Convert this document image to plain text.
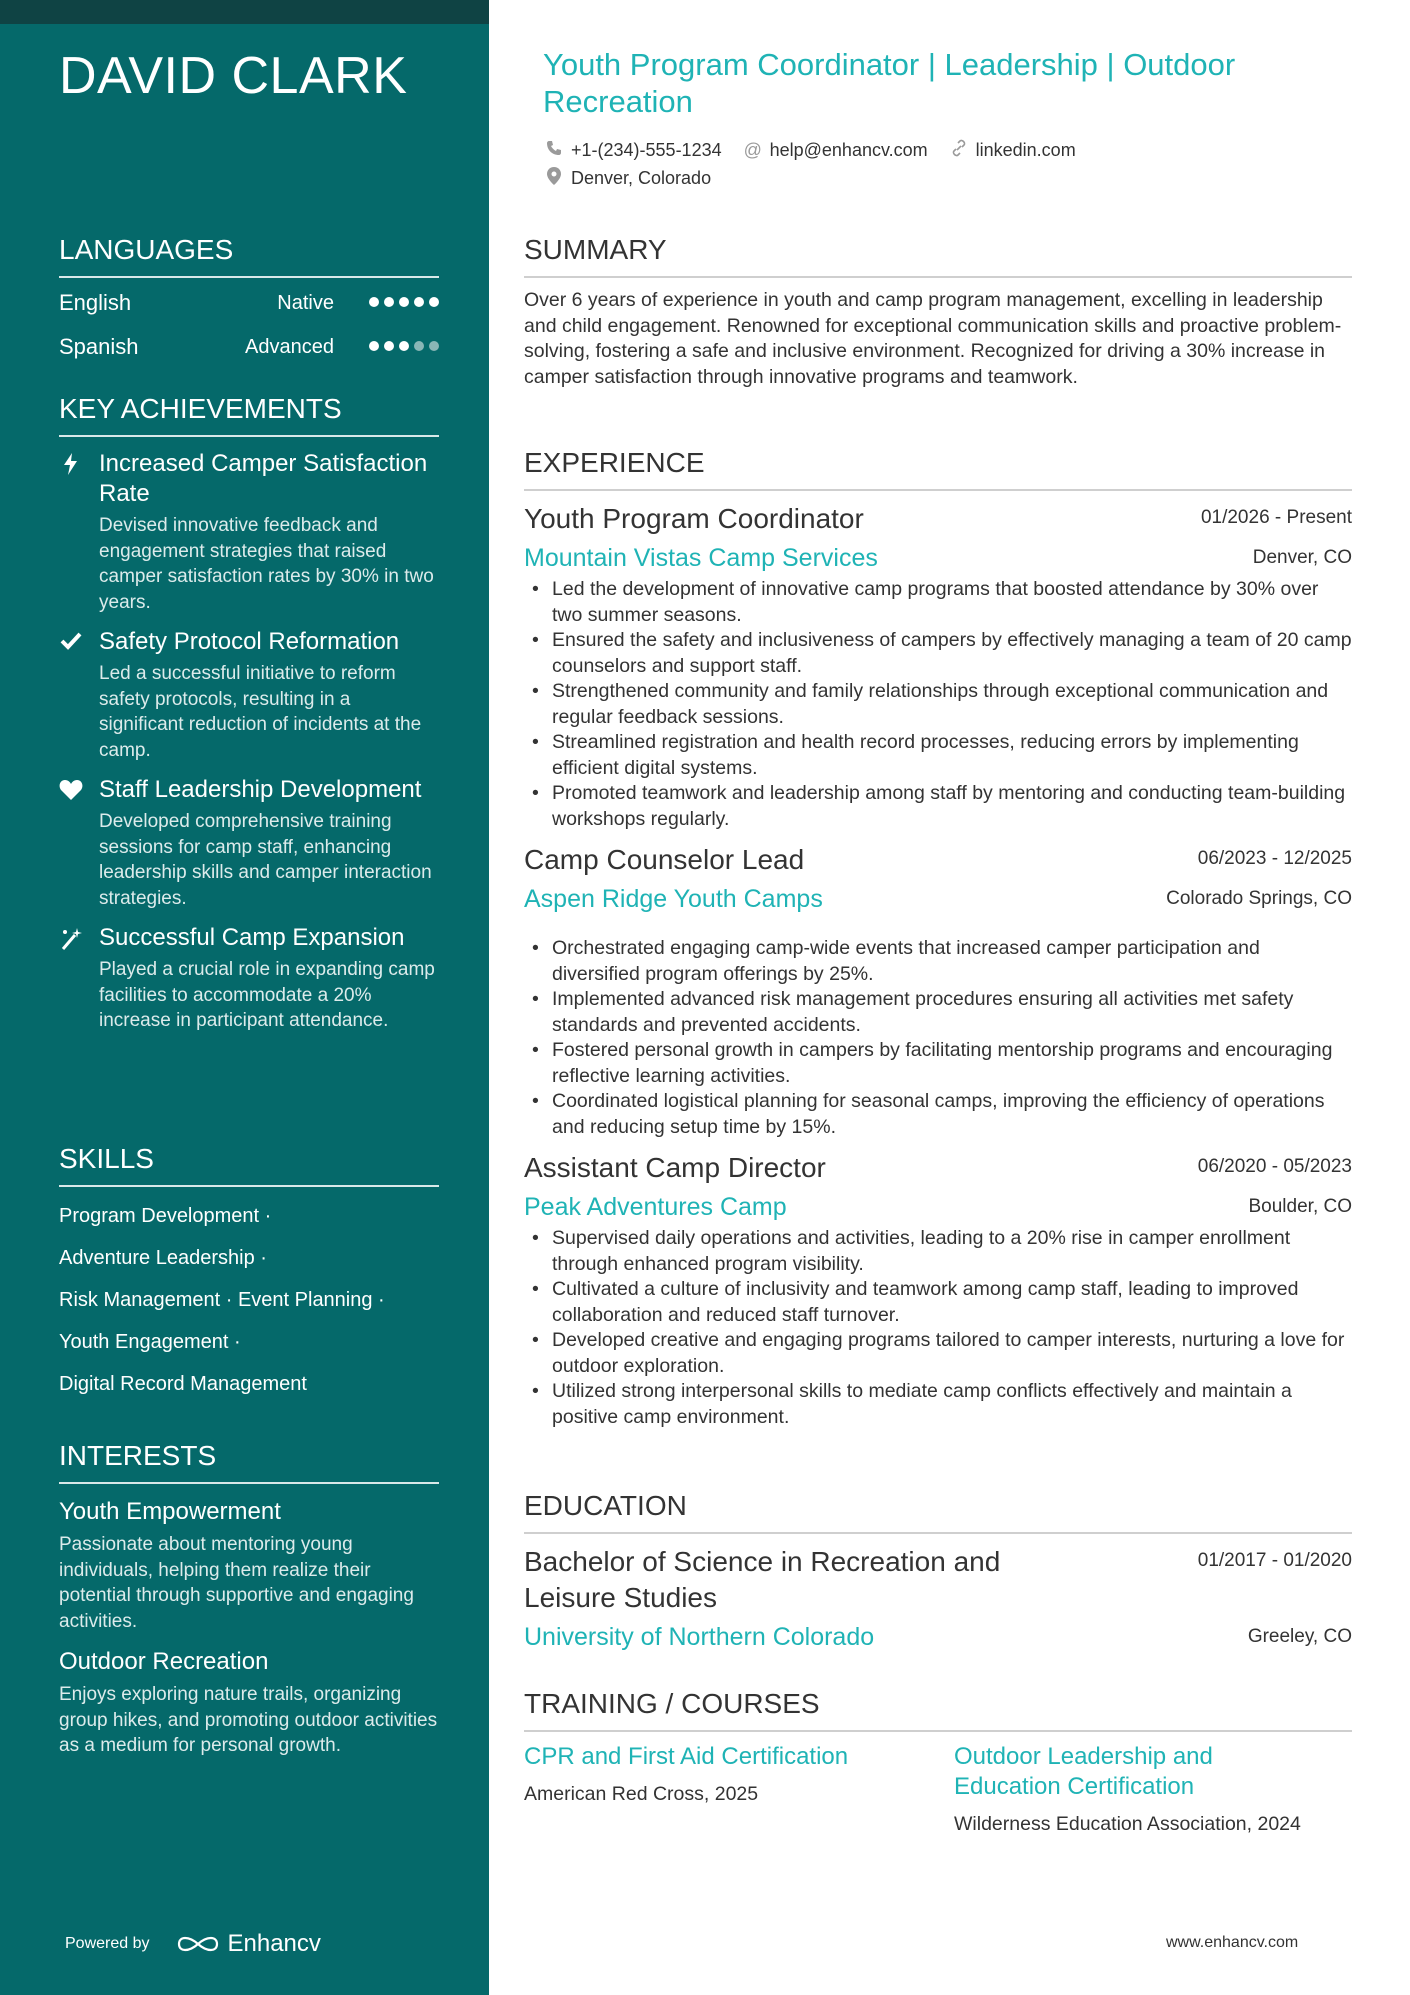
DAVID CLARK
LANGUAGES
English	Native
Spanish	Advanced
KEY ACHIEVEMENTS
Increased Camper Satisfaction Rate
Devised innovative feedback and engagement strategies that raised camper satisfaction rates by 30% in two years.
Safety Protocol Reformation
Led a successful initiative to reform safety protocols, resulting in a significant reduction of incidents at the camp.
Staff Leadership Development
Developed comprehensive training sessions for camp staff, enhancing leadership skills and camper interaction strategies.
Successful Camp Expansion
Played a crucial role in expanding camp facilities to accommodate a 20% increase in participant attendance.
SKILLS
Program Development ·
Adventure Leadership ·
Risk Management · Event Planning ·
Youth Engagement ·
Digital Record Management
INTERESTS
Youth Empowerment
Passionate about mentoring young individuals, helping them realize their potential through supportive and engaging activities.
Outdoor Recreation
Enjoys exploring nature trails, organizing group hikes, and promoting outdoor activities as a medium for personal growth.
Powered by	Enhancv
Youth Program Coordinator | Leadership | Outdoor Recreation
+1-(234)-555-1234 @ help@enhancv.com	linkedin.com
Denver, Colorado
SUMMARY
Over 6 years of experience in youth and camp program management, excelling in leadership and child engagement. Renowned for exceptional communication skills and proactive problem-solving, fostering a safe and inclusive environment. Recognized for driving a 30% increase in camper satisfaction through innovative programs and teamwork.
EXPERIENCE
Youth Program Coordinator	01/2026 - Present
Mountain Vistas Camp Services	Denver, CO
• Led the development of innovative camp programs that boosted attendance by 30% over two summer seasons.
• Ensured the safety and inclusiveness of campers by effectively managing a team of 20 camp counselors and support staff.
• Strengthened community and family relationships through exceptional communication and regular feedback sessions.
• Streamlined registration and health record processes, reducing errors by implementing efficient digital systems.
• Promoted teamwork and leadership among staff by mentoring and conducting team-building workshops regularly.
Camp Counselor Lead	06/2023 - 12/2025
Aspen Ridge Youth Camps	Colorado Springs, CO
• Orchestrated engaging camp-wide events that increased camper participation and diversified program offerings by 25%.
• Implemented advanced risk management procedures ensuring all activities met safety standards and prevented accidents.
• Fostered personal growth in campers by facilitating mentorship programs and encouraging reflective learning activities.
• Coordinated logistical planning for seasonal camps, improving the efficiency of operations and reducing setup time by 15%.
Assistant Camp Director	06/2020 - 05/2023
Peak Adventures Camp	Boulder, CO
• Supervised daily operations and activities, leading to a 20% rise in camper enrollment through enhanced program visibility.
• Cultivated a culture of inclusivity and teamwork among camp staff, leading to improved collaboration and reduced staff turnover.
• Developed creative and engaging programs tailored to camper interests, nurturing a love for outdoor exploration.
• Utilized strong interpersonal skills to mediate camp conflicts effectively and maintain a positive camp environment.
EDUCATION
Bachelor of Science in Recreation and Leisure Studies
01/2017 - 01/2020
University of Northern Colorado	Greeley, CO
TRAINING / COURSES
CPR and First Aid Certification
American Red Cross, 2025
Outdoor Leadership and Education Certification
Wilderness Education Association, 2024
www.enhancv.com
